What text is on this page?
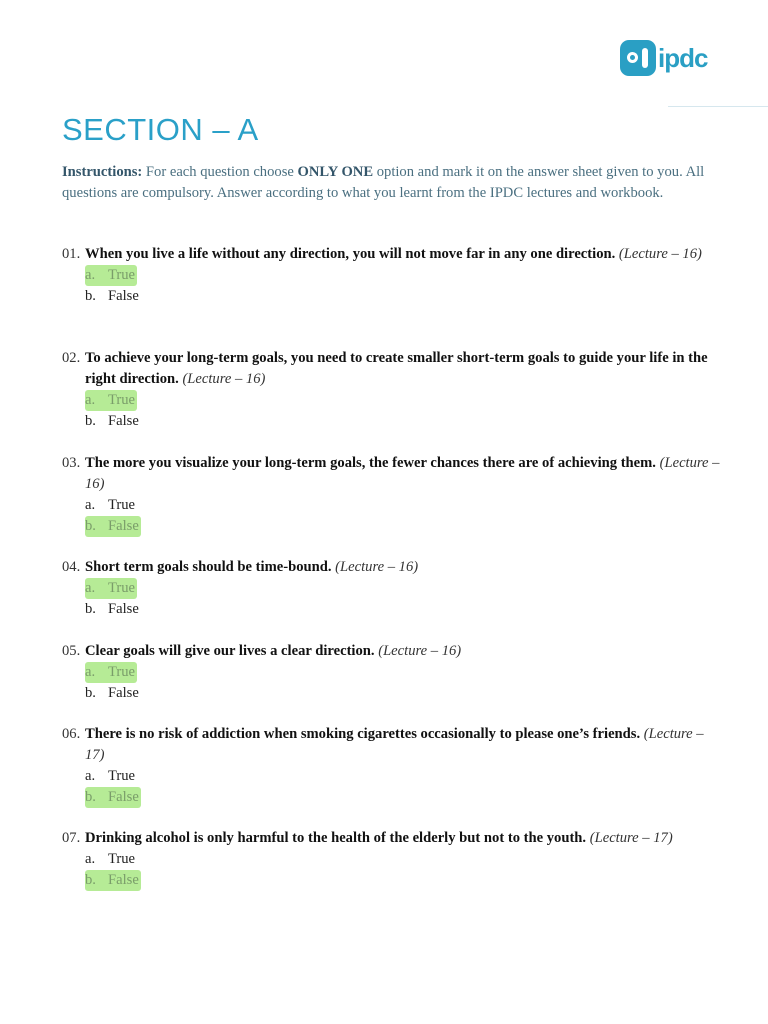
ipdc
SECTION – A
Instructions: For each question choose ONLY ONE option and mark it on the answer sheet given to you. All questions are compulsory. Answer according to what you learnt from the IPDC lectures and workbook.
01. When you live a life without any direction, you will not move far in any one direction. (Lecture – 16)
a. True
b. False
02. To achieve your long-term goals, you need to create smaller short-term goals to guide your life in the right direction. (Lecture – 16)
a. True
b. False
03. The more you visualize your long-term goals, the fewer chances there are of achieving them. (Lecture – 16)
a. True
b. False
04. Short term goals should be time-bound. (Lecture – 16)
a. True
b. False
05. Clear goals will give our lives a clear direction. (Lecture – 16)
a. True
b. False
06. There is no risk of addiction when smoking cigarettes occasionally to please one’s friends. (Lecture – 17)
a. True
b. False
07. Drinking alcohol is only harmful to the health of the elderly but not to the youth. (Lecture – 17)
a. True
b. False
